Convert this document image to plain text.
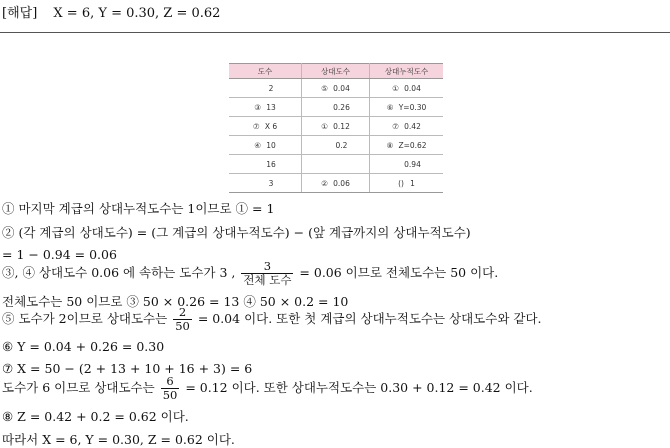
[해답] X = 6, Y = 0.30, Z = 0.62
도수	상대도수	상대누적도수
2	⑤ 0.04	① 0.04
③ 13	0.26	⑥ Y=0.30
⑦ X 6	① 0.12	⑦ 0.42
④ 10	0.2	⑧ Z=0.62
16		0.94
3	② 0.06	() 1
① 마지막 계급의 상대누적도수는 1이므로 ① = 1
② (각 계급의 상대도수) = (그 계급의 상대누적도수) − (앞 계급까지의 상대누적도수)
= 1 − 0.94 = 0.06
③, ④ 상대도수 0.06 에 속하는 도수가 3 , $\frac{3}{\text{전체 도수}} = 0.06$ 이므로 전체도수는 50 이다.
전체도수는 50 이므로 ③ 50 × 0.26 = 13 ④ 50 × 0.2 = 10
⑤ 도수가 2이므로 상대도수는 $\frac{2}{50} = 0.04$ 이다. 또한 첫 계급의 상대누적도수는 상대도수와 같다.
⑥ Y = 0.04 + 0.26 = 0.30
⑦ X = 50 − (2 + 13 + 10 + 16 + 3) = 6
도수가 6 이므로 상대도수는 $\frac{6}{50} = 0.12$ 이다. 또한 상대누적도수는 0.30 + 0.12 = 0.42 이다.
⑧ Z = 0.42 + 0.2 = 0.62 이다.
따라서 X = 6, Y = 0.30, Z = 0.62 이다.
